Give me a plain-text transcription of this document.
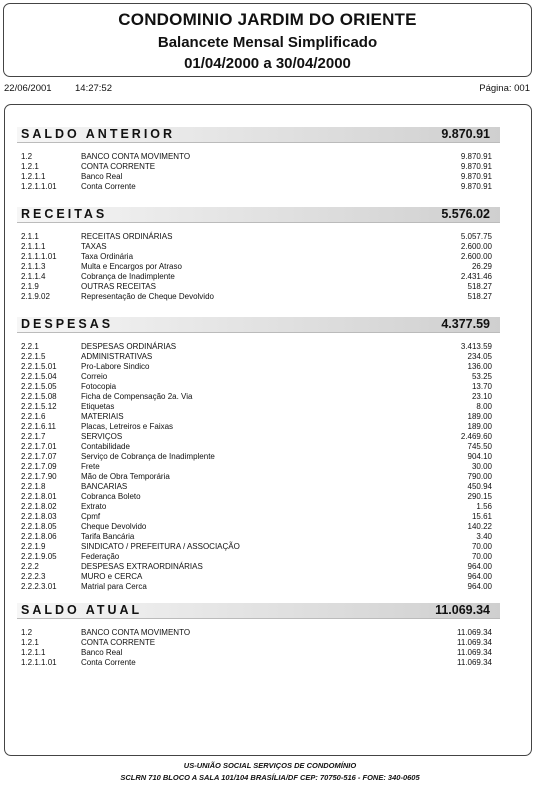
CONDOMINIO JARDIM DO ORIENTE
Balancete Mensal Simplificado
01/04/2000 a 30/04/2000
22/06/2001 14:27:52	Página: 001
SALDO ANTERIOR	9.870.91
1.2	BANCO CONTA MOVIMENTO	9.870.91
1.2.1	CONTA CORRENTE	9.870.91
1.2.1.1	Banco Real	9.870.91
1.2.1.1.01	Conta Corrente	9.870.91
RECEITAS	5.576.02
2.1.1	RECEITAS ORDINÁRIAS	5.057.75
2.1.1.1	TAXAS	2.600.00
2.1.1.1.01	Taxa Ordinária	2.600.00
2.1.1.3	Multa e Encargos por Atraso	26.29
2.1.1.4	Cobrança de Inadimplente	2.431.46
2.1.9	OUTRAS RECEITAS	518.27
2.1.9.02	Representação de Cheque Devolvido	518.27
DESPESAS	4.377.59
2.2.1	DESPESAS ORDINÁRIAS	3.413.59
2.2.1.5	ADMINISTRATIVAS	234.05
2.2.1.5.01	Pro-Labore Sindico	136.00
2.2.1.5.04	Correio	53.25
2.2.1.5.05	Fotocopia	13.70
2.2.1.5.08	Ficha de Compensação 2a. Via	23.10
2.2.1.5.12	Etiquetas	8.00
2.2.1.6	MATERIAIS	189.00
2.2.1.6.11	Placas, Letreiros e Faixas	189.00
2.2.1.7	SERVIÇOS	2.469.60
2.2.1.7.01	Contabilidade	745.50
2.2.1.7.07	Serviço de Cobrança de Inadimplente	904.10
2.2.1.7.09	Frete	30.00
2.2.1.7.90	Mão de Obra Temporária	790.00
2.2.1.8	BANCARIAS	450.94
2.2.1.8.01	Cobranca Boleto	290.15
2.2.1.8.02	Extrato	1.56
2.2.1.8.03	Cpmf	15.61
2.2.1.8.05	Cheque Devolvido	140.22
2.2.1.8.06	Tarifa Bancária	3.40
2.2.1.9	SINDICATO / PREFEITURA / ASSOCIAÇÃO	70.00
2.2.1.9.05	Federação	70.00
2.2.2	DESPESAS EXTRAORDINÁRIAS	964.00
2.2.2.3	MURO e CERCA	964.00
2.2.2.3.01	Matrial para Cerca	964.00
SALDO ATUAL	11.069.34
1.2	BANCO CONTA MOVIMENTO	11.069.34
1.2.1	CONTA CORRENTE	11.069.34
1.2.1.1	Banco Real	11.069.34
1.2.1.1.01	Conta Corrente	11.069.34
US-UNIÃO SOCIAL SERVIÇOS DE CONDOMÍNIO
SCLRN 710 BLOCO A SALA 101/104 BRASÍLIA/DF CEP: 70750-516 - FONE: 340-0605
